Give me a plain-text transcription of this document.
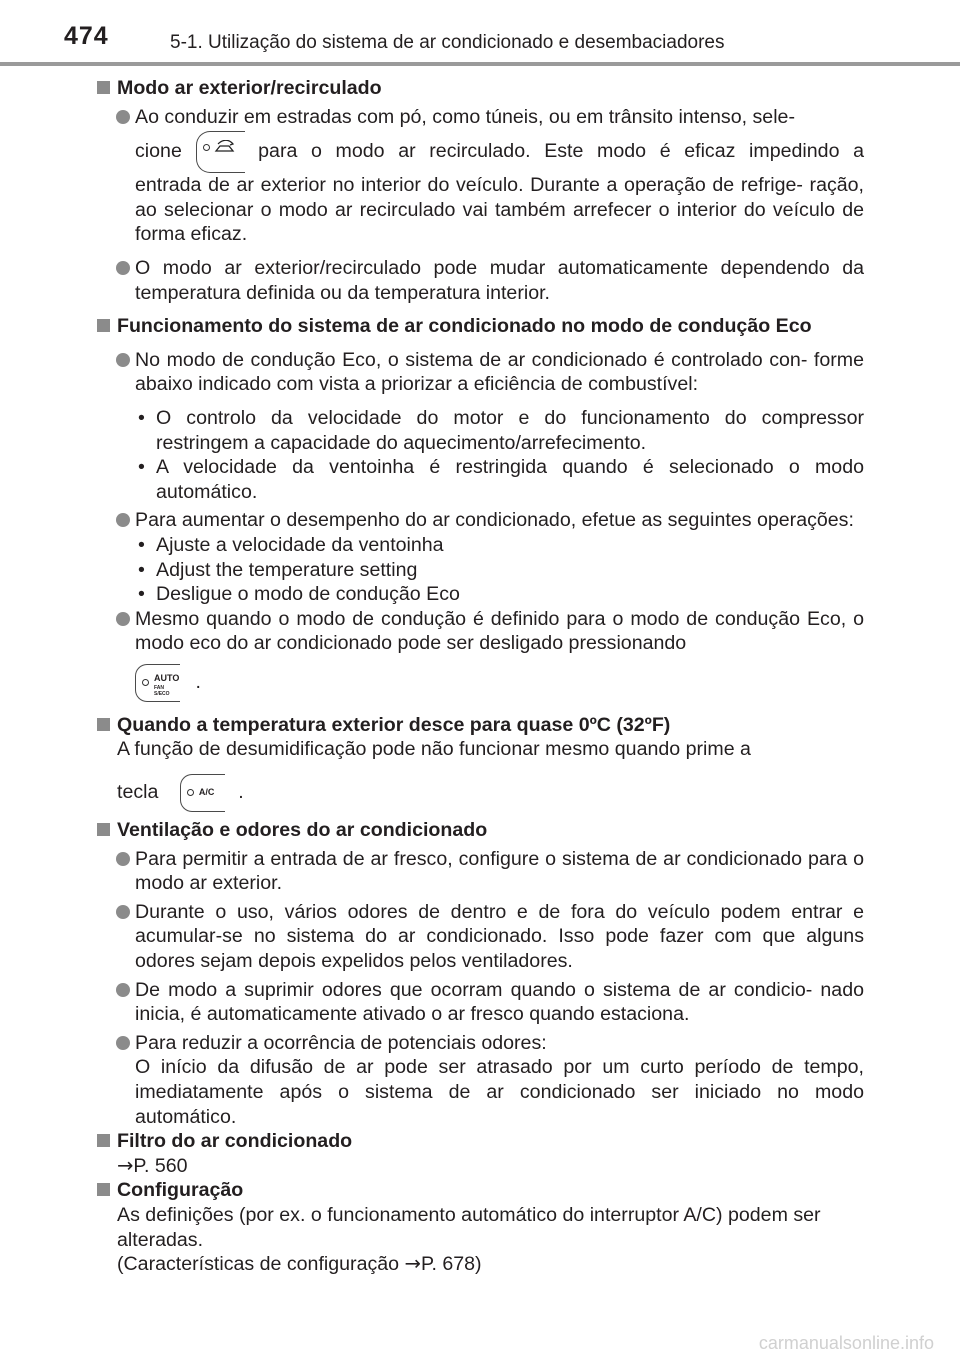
474	5-1. Utilização do sistema de ar condicionado e desembaciadores

Modo ar exterior/recirculado

Ao conduzir em estradas com pó, como túneis, ou em trânsito intenso, sele-

cione	para o modo ar recirculado. Este modo é eficaz impedindo a

entrada de ar exterior no interior do veículo. Durante a operação de refrige- ração, ao selecionar o modo ar recirculado vai também arrefecer o interior do veículo de forma eficaz.

O modo ar exterior/recirculado pode mudar automaticamente dependendo da temperatura definida ou da temperatura interior.

Funcionamento do sistema de ar condicionado no modo de condução Eco

No modo de condução Eco, o sistema de ar condicionado é controlado con- forme abaixo indicado com vista a priorizar a eficiência de combustível:

• O controlo da velocidade do motor e do funcionamento do compressor restringem a capacidade do aquecimento/arrefecimento.

• A velocidade da ventoinha é restringida quando é selecionado o modo automático.

Para aumentar o desempenho do ar condicionado, efetue as seguintes operações:

• Ajuste a velocidade da ventoinha

• Adjust the temperature setting

• Desligue o modo de condução Eco

Mesmo quando o modo de condução é definido para o modo de condução Eco, o modo eco do ar condicionado pode ser desligado pressionando

AUTO
FAN S/ECO
.

Quando a temperatura exterior desce para quase 0ºC (32ºF)

A função de desumidificação pode não funcionar mesmo quando prime a

tecla	A/C .

Ventilação e odores do ar condicionado

Para permitir a entrada de ar fresco, configure o sistema de ar condicionado para o modo ar exterior.

Durante o uso, vários odores de dentro e de fora do veículo podem entrar e acumular-se no sistema do ar condicionado. Isso pode fazer com que alguns odores sejam depois expelidos pelos ventiladores.

De modo a suprimir odores que ocorram quando o sistema de ar condicio- nado inicia, é automaticamente ativado o ar fresco quando estaciona.

Para reduzir a ocorrência de potenciais odores:

O início da difusão de ar pode ser atrasado por um curto período de tempo, imediatamente após o sistema de ar condicionado ser iniciado no modo automático.

Filtro do ar condicionado

→P. 560

Configuração

As definições (por ex. o funcionamento automático do interruptor A/C) podem ser alteradas.

(Características de configuração →P. 678)

carmanualsonline.info
